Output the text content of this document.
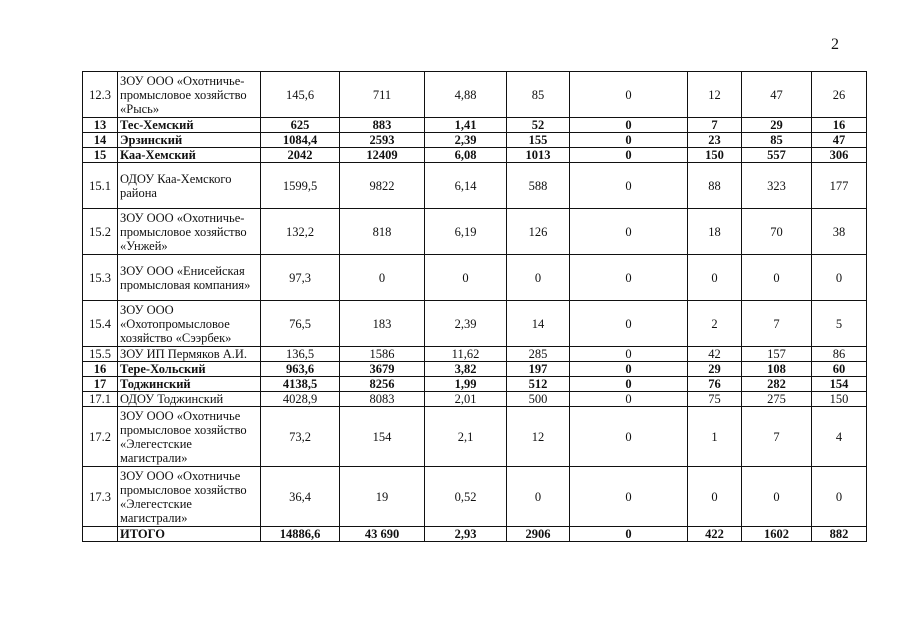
2
12.3	ЗОУ ООО «Охотничье-промысловое хозяйство «Рысь»	145,6	711	4,88	85	0	12	47	26
13	Тес-Хемский	625	883	1,41	52	0	7	29	16
14	Эрзинский	1084,4	2593	2,39	155	0	23	85	47
15	Каа-Хемский	2042	12409	6,08	1013	0	150	557	306
15.1	ОДОУ Каа-Хемского района	1599,5	9822	6,14	588	0	88	323	177
15.2	ЗОУ ООО «Охотничье-промысловое хозяйство «Унжей»	132,2	818	6,19	126	0	18	70	38
15.3	ЗОУ ООО «Енисейская промысловая компания»	97,3	0	0	0	0	0	0	0
15.4	ЗОУ ООО «Охотопромысловое хозяйство «Сээрбек»	76,5	183	2,39	14	0	2	7	5
15.5	ЗОУ ИП Пермяков А.И.	136,5	1586	11,62	285	0	42	157	86
16	Тере-Хольский	963,6	3679	3,82	197	0	29	108	60
17	Тоджинский	4138,5	8256	1,99	512	0	76	282	154
17.1	ОДОУ Тоджинский	4028,9	8083	2,01	500	0	75	275	150
17.2	ЗОУ ООО «Охотничье промысловое хозяйство «Элегестские магистрали»	73,2	154	2,1	12	0	1	7	4
17.3	ЗОУ ООО «Охотничье промысловое хозяйство «Элегестские магистрали»	36,4	19	0,52	0	0	0	0	0
	ИТОГО	14886,6	43 690	2,93	2906	0	422	1602	882
